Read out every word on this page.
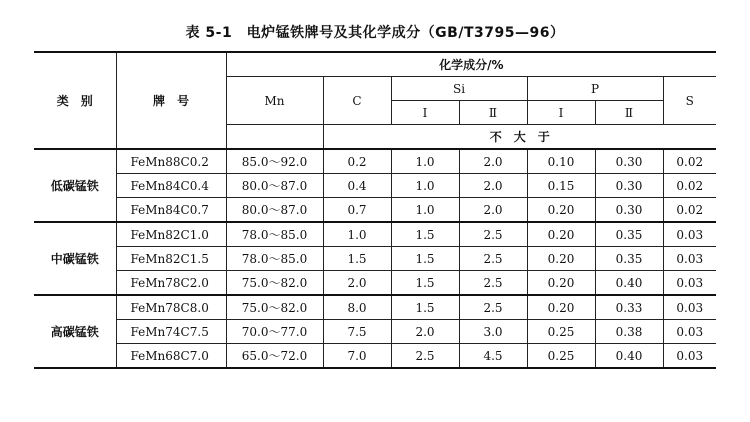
表 5-1　电炉锰铁牌号及其化学成分（GB/T3795—96）
类　别	牌　号	化学成分/%						
		Mn	C	Si		P		S
				Ⅰ	Ⅱ	Ⅰ	Ⅱ	
			不　大　于					
低碳锰铁	FeMn88C0.2	85.0～92.0	0.2	1.0	2.0	0.10	0.30	0.02
	FeMn84C0.4	80.0～87.0	0.4	1.0	2.0	0.15	0.30	0.02
	FeMn84C0.7	80.0～87.0	0.7	1.0	2.0	0.20	0.30	0.02
中碳锰铁	FeMn82C1.0	78.0～85.0	1.0	1.5	2.5	0.20	0.35	0.03
	FeMn82C1.5	78.0～85.0	1.5	1.5	2.5	0.20	0.35	0.03
	FeMn78C2.0	75.0～82.0	2.0	1.5	2.5	0.20	0.40	0.03
高碳锰铁	FeMn78C8.0	75.0～82.0	8.0	1.5	2.5	0.20	0.33	0.03
	FeMn74C7.5	70.0～77.0	7.5	2.0	3.0	0.25	0.38	0.03
	FeMn68C7.0	65.0～72.0	7.0	2.5	4.5	0.25	0.40	0.03
